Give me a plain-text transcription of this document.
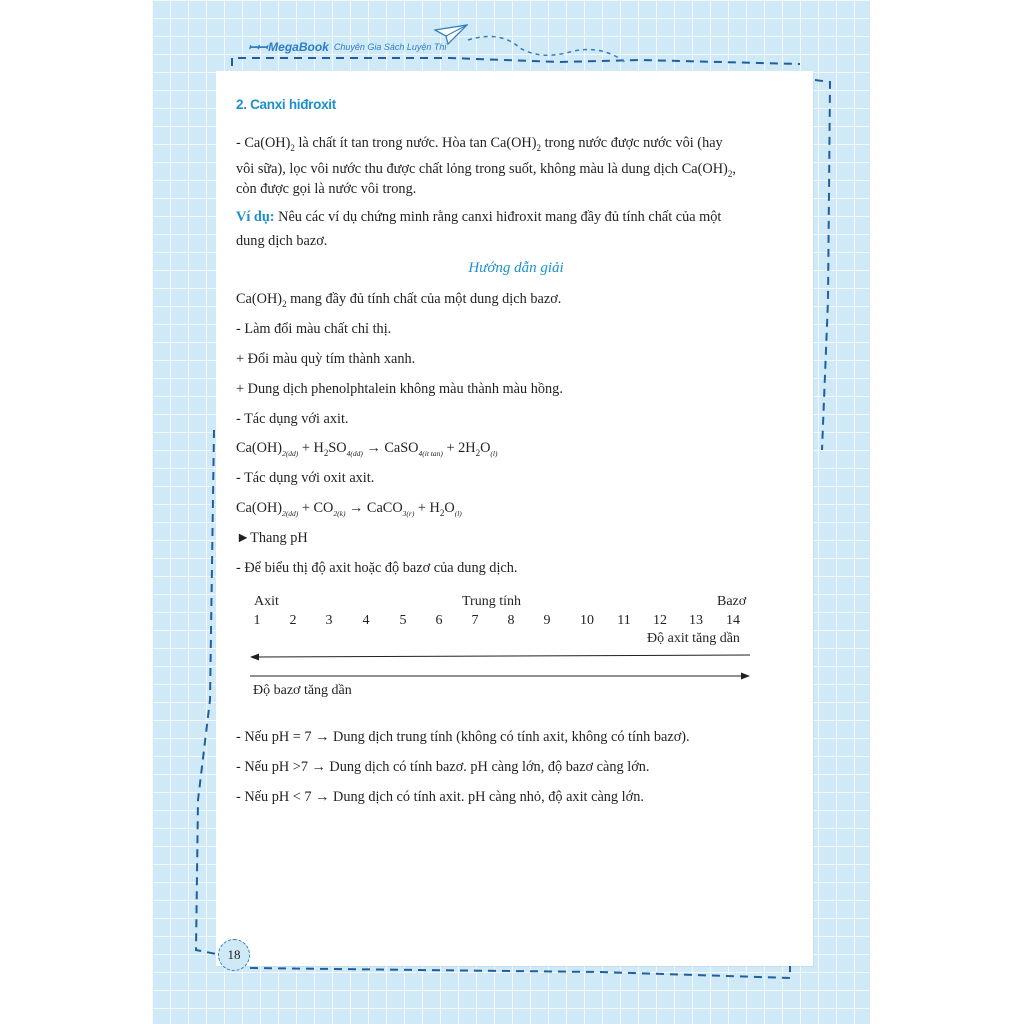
ꟷꟷ MegaBook Chuyên Gia Sách Luyện Thi
2. Canxi hiđroxit
- $Ca(OH)_2$ là chất ít tan trong nước. Hòa $\tan Ca(OH)_2$ trong nước được nước vôi (hay
vôi sữa), lọc vôi nước thu được chất lỏng trong suốt, không màu là dung dịch $Ca(OH)_2$,
còn được gọi là nước vôi trong.
Ví dụ: Nêu các ví dụ chứng minh rằng canxi hiđroxit mang đầy đủ tính chất của một
dung dịch bazơ.
Hướng dẫn giải
$Ca(OH)_2$ mang đầy đủ tính chất của một dung dịch bazơ.
- Làm đổi màu chất chỉ thị.
+ Đổi màu quỳ tím thành xanh.
+ Dung dịch phenolphtalein không màu thành màu hồng.
- Tác dụng với axit.
$Ca(OH)_{2(dd)} + H_2SO_{4(dd)}$ → CaSO$_{4(ít tan)}$ + $2H_2O_{(l)}$
- Tác dụng với oxit axit.
$Ca(OH)_{2(dd)} + CO_{2(k)}$ → CaCO$_{3(r)}$ + $H_2O_{(l)}$
►Thang pH
- Để biểu thị độ axit hoặc độ bazơ của dung dịch.
Axit	Trung tính	Bazơ
1	2	3	4	5	6	7	8	9	10 11 12 13 14
Độ axit tăng dần
Độ bazơ tăng dần
- Nếu pH = 7 → Dung dịch trung tính (không có tính axit, không có tính bazơ).
- Nếu pH >7 → Dung dịch có tính bazơ. pH càng lớn, độ bazơ càng lớn.
- Nếu pH < 7 → Dung dịch có tính axit. pH càng nhỏ, độ axit càng lớn.
18
